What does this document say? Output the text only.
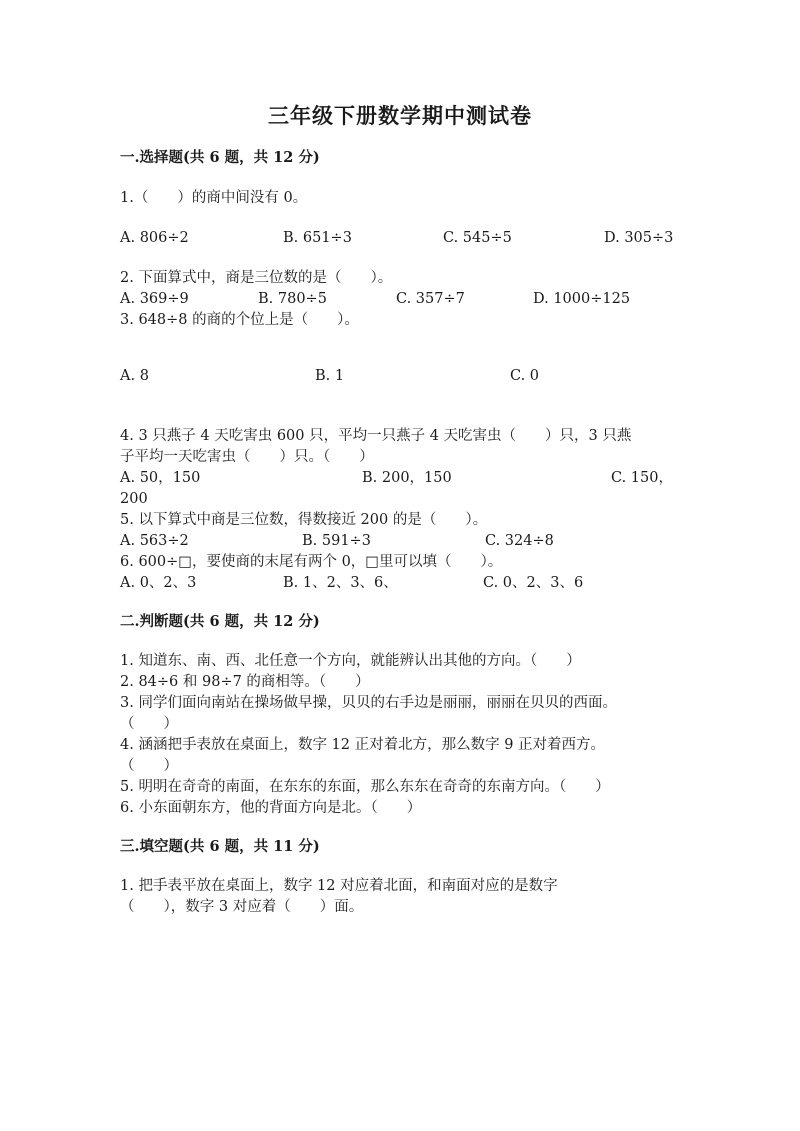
三年级下册数学期中测试卷
一.选择题(共 6 题，共 12 分)
1.（　　）的商中间没有 0。
A. 806÷2	B. 651÷3	C. 545÷5	D. 305÷3
2. 下面算式中，商是三位数的是（　　）。
A. 369÷9	B. 780÷5	C. 357÷7	D. 1000÷125
3. 648÷8 的商的个位上是（　　）。
A. 8	B. 1	C. 0
4. 3 只燕子 4 天吃害虫 600 只，平均一只燕子 4 天吃害虫（　　）只，3 只燕
子平均一天吃害虫（　　）只。（　　）
A. 50，150	B. 200，150	C. 150，
200
5. 以下算式中商是三位数，得数接近 200 的是（　　）。
A. 563÷2	B. 591÷3	C. 324÷8
6. 600÷□，要使商的末尾有两个 0，□里可以填（　　）。
A. 0、2、3	B. 1、2、3、6、	C. 0、2、3、6
二.判断题(共 6 题，共 12 分)
1. 知道东、南、西、北任意一个方向，就能辨认出其他的方向。（　　）
2. 84÷6 和 98÷7 的商相等。（　　）
3. 同学们面向南站在操场做早操，贝贝的右手边是丽丽，丽丽在贝贝的西面。
（　　）
4. 涵涵把手表放在桌面上，数字 12 正对着北方，那么数字 9 正对着西方。
（　　）
5. 明明在奇奇的南面，在东东的东面，那么东东在奇奇的东南方向。（　　）
6. 小东面朝东方，他的背面方向是北。（　　）
三.填空题(共 6 题，共 11 分)
1. 把手表平放在桌面上，数字 12 对应着北面，和南面对应的是数字
（　　），数字 3 对应着（　　）面。
